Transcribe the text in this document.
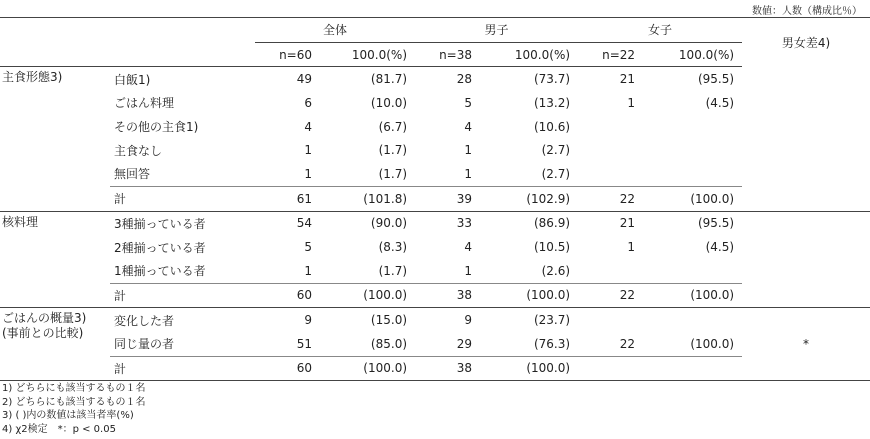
数値：人数（構成比％）
		全体		男子		女子		男女差4)
		n=60	100.0(%)	n=38	100.0(%)	n=22	100.0(%)	

主食形態3)	白飯1)	49	(81.7)	28	(73.7)	21	(95.5)	
	ごはん料理	6	(10.0)	5	(13.2)	1	(4.5)	
	その他の主食1)	4	(6.7)	4	(10.6)			
	主食なし	1	(1.7)	1	(2.7)			
	無回答	1	(1.7)	1	(2.7)			
	計	61	(101.8)	39	(102.9)	22	(100.0)	

核料理	3種揃っている者	54	(90.0)	33	(86.9)	21	(95.5)	
	2種揃っている者	5	(8.3)	4	(10.5)	1	(4.5)	
	1種揃っている者	1	(1.7)	1	(2.6)			
	計	60	(100.0)	38	(100.0)	22	(100.0)	

ごはんの概量3)
(事前との比較)	変化した者	9	(15.0)	9	(23.7)			*
	同じ量の者	51	(85.0)	29	(76.3)	22	(100.0)	
	計	60	(100.0)	38	(100.0)			
1) どちらにも該当するもの１名
2) どちらにも該当するもの１名
3) ( )内の数値は該当者率(%)
4) χ2検定　*：p < 0.05
